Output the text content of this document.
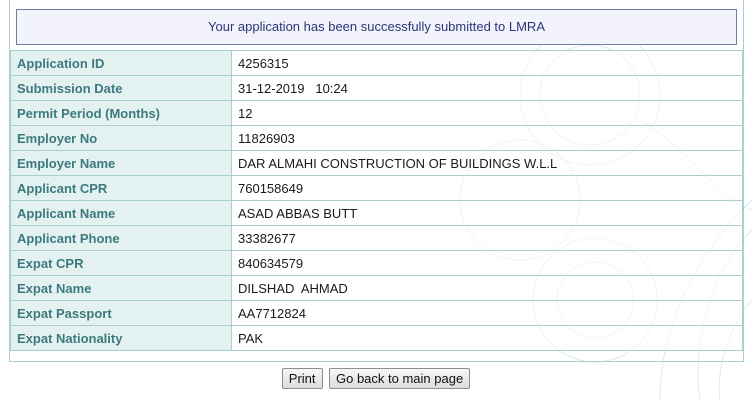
Your application has been successfully submitted to LMRA
Application ID	4256315
Submission Date	31-12-2019   10:24
Permit Period (Months)	12
Employer No	11826903
Employer Name	DAR ALMAHI CONSTRUCTION OF BUILDINGS W.L.L
Applicant CPR	760158649
Applicant Name	ASAD ABBAS BUTT
Applicant Phone	33382677
Expat CPR	840634579
Expat Name	DILSHAD  AHMAD
Expat Passport	AA7712824
Expat Nationality	PAK
Print Go back to main page
